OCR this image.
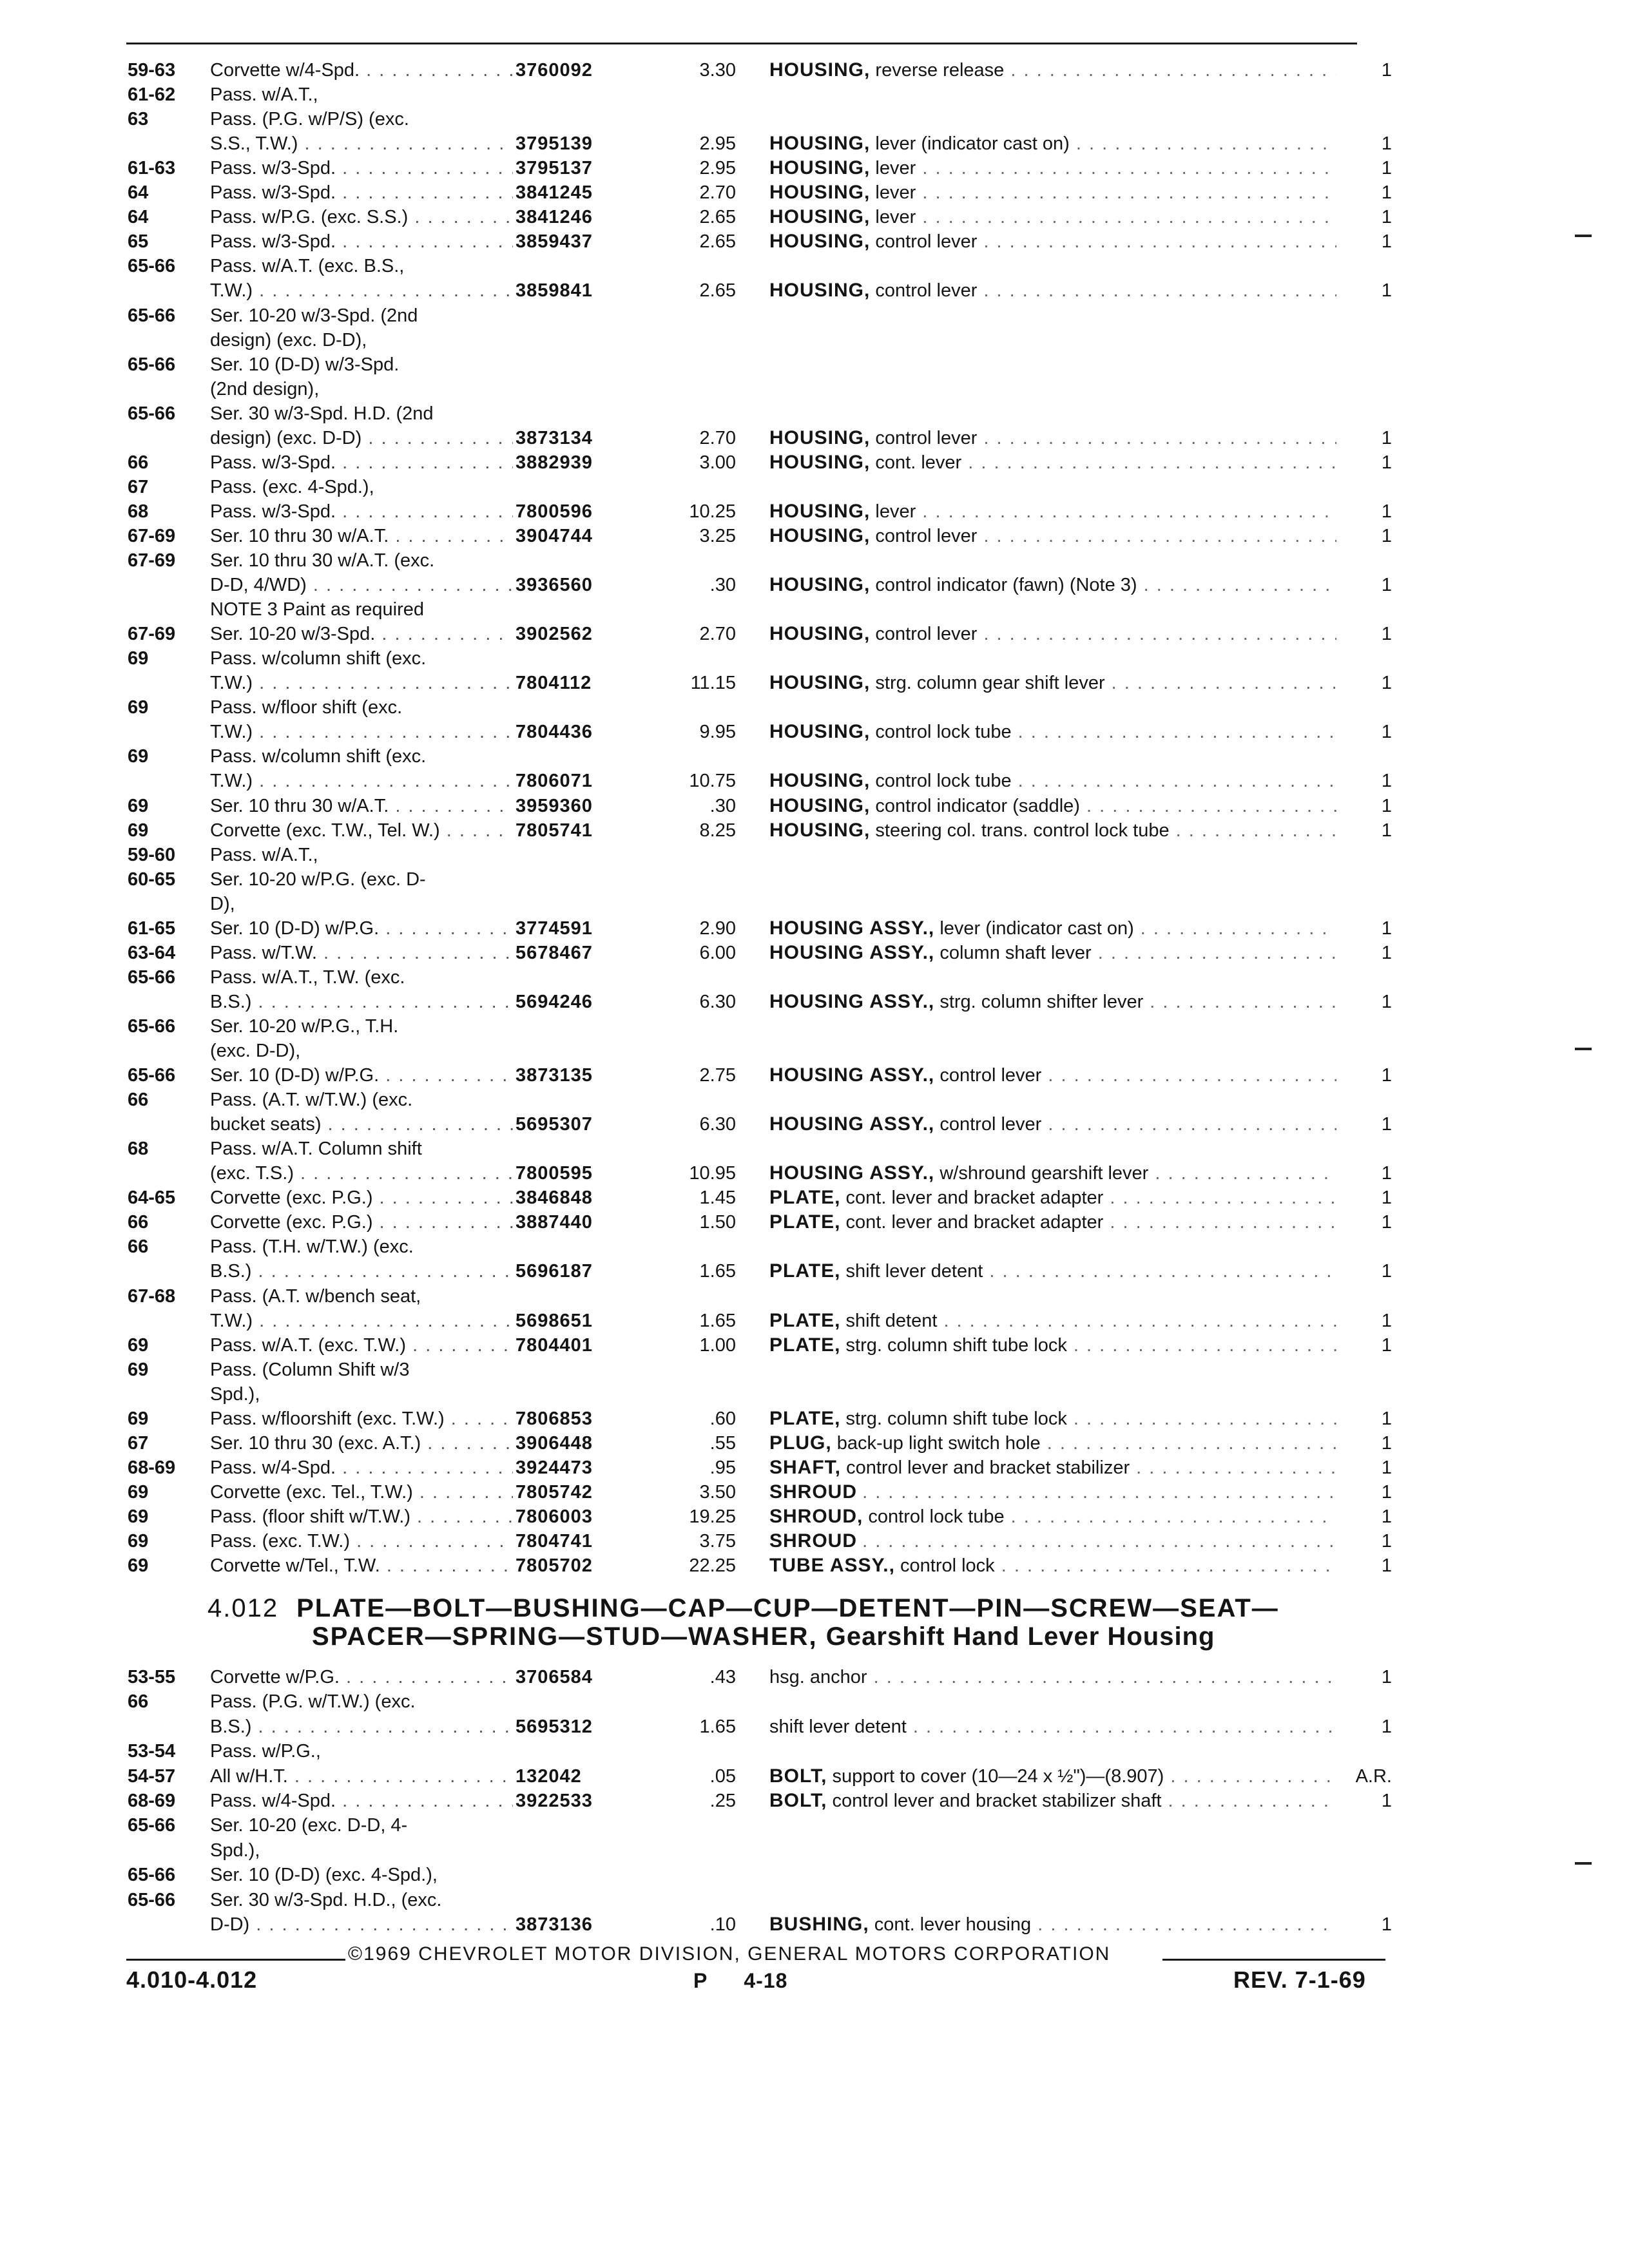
59-63 Corvette w/4-Spd. . . .	3760092	3.30 HOUSING, reverse release . . .	1
61-62 Pass. w/A.T.,
63	Pass. (P.G. w/P/S) (exc.
S.S., T.W.) . . .	3795139	2.95 HOUSING, lever (indicator cast on) . . .	1
61-63 Pass. w/3-Spd. . . .	3795137	2.95 HOUSING, lever . . .	1
64	Pass. w/3-Spd. . . .	3841245	2.70 HOUSING, lever . . .	1
64	Pass. w/P.G. (exc. S.S.) . . .	3841246	2.65 HOUSING, lever . . .	1
65	Pass. w/3-Spd. . . .	3859437	2.65 HOUSING, control lever . . .	1
65-66 Pass. w/A.T. (exc. B.S.,
T.W.) . . .	3859841	2.65 HOUSING, control lever . . .	1
65-66 Ser. 10-20 w/3-Spd. (2nd
design) (exc. D-D),
65-66 Ser. 10 (D-D) w/3-Spd.
(2nd design),
65-66 Ser. 30 w/3-Spd. H.D. (2nd
design) (exc. D-D) . . .	3873134	2.70 HOUSING, control lever . . .	1
66	Pass. w/3-Spd. . . .	3882939	3.00 HOUSING, cont. lever . . .	1
67	Pass. (exc. 4-Spd.),
68	Pass. w/3-Spd. . . .	7800596	10.25 HOUSING, lever . . .	1
67-69 Ser. 10 thru 30 w/A.T. . . .	3904744	3.25 HOUSING, control lever . . .	1
67-69 Ser. 10 thru 30 w/A.T. (exc.
D-D, 4/WD) . . .	3936560	.30 HOUSING, control indicator (fawn) (Note 3) . . .	1
NOTE 3 Paint as required
67-69 Ser. 10-20 w/3-Spd. . . .	3902562	2.70 HOUSING, control lever . . .	1
69	Pass. w/column shift (exc.
T.W.) . . .	7804112	11.15 HOUSING, strg. column gear shift lever . . .	1
69	Pass. w/floor shift (exc.
T.W.) . . .	7804436	9.95 HOUSING, control lock tube . . .	1
69	Pass. w/column shift (exc.
T.W.) . . .	7806071	10.75 HOUSING, control lock tube . . .	1
69	Ser. 10 thru 30 w/A.T. . . .	3959360	.30 HOUSING, control indicator (saddle) . . .	1
69	Corvette (exc. T.W., Tel. W.) . . .	7805741	8.25 HOUSING, steering col. trans. control lock tube . . .	1
59-60 Pass. w/A.T.,
60-65 Ser. 10-20 w/P.G. (exc. D-
D),
61-65 Ser. 10 (D-D) w/P.G. . . .	3774591	2.90 HOUSING ASSY., lever (indicator cast on) . . .	1
63-64 Pass. w/T.W. . . .	5678467	6.00 HOUSING ASSY., column shaft lever . . .	1
65-66 Pass. w/A.T., T.W. (exc.
B.S.) . . .	5694246	6.30 HOUSING ASSY., strg. column shifter lever . . .	1
65-66 Ser. 10-20 w/P.G., T.H.
(exc. D-D),
65-66 Ser. 10 (D-D) w/P.G. . . .	3873135	2.75 HOUSING ASSY., control lever . . .	1
66	Pass. (A.T. w/T.W.) (exc.
bucket seats) . . .	5695307	6.30 HOUSING ASSY., control lever . . .	1
68	Pass. w/A.T. Column shift
(exc. T.S.) . . .	7800595	10.95 HOUSING ASSY., w/shround gearshift lever . . .	1
64-65 Corvette (exc. P.G.) . . .	3846848	1.45 PLATE, cont. lever and bracket adapter . . .	1
66	Corvette (exc. P.G.) . . .	3887440	1.50 PLATE, cont. lever and bracket adapter . . .	1
66	Pass. (T.H. w/T.W.) (exc.
B.S.) . . .	5696187	1.65 PLATE, shift lever detent . . .	1
67-68 Pass. (A.T. w/bench seat,
T.W.) . . .	5698651	1.65 PLATE, shift detent . . .	1
69	Pass. w/A.T. (exc. T.W.) . . .	7804401	1.00 PLATE, strg. column shift tube lock . . .	1
69	Pass. (Column Shift w/3
Spd.),
69	Pass. w/floorshift (exc. T.W.) . . .	7806853	.60 PLATE, strg. column shift tube lock . . .	1
67	Ser. 10 thru 30 (exc. A.T.) . . .	3906448	.55 PLUG, back-up light switch hole . . .	1
68-69 Pass. w/4-Spd. . . .	3924473	.95 SHAFT, control lever and bracket stabilizer . . .	1
69	Corvette (exc. Tel., T.W.) . . .	7805742	3.50 SHROUD . . .	1
69	Pass. (floor shift w/T.W.) . . .	7806003	19.25 SHROUD, control lock tube . . .	1
69	Pass. (exc. T.W.) . . .	7804741	3.75 SHROUD . . .	1
69	Corvette w/Tel., T.W. . . .	7805702	22.25 TUBE ASSY., control lock . . .	1
53-55 Corvette w/P.G. . . .	3706584	.43 hsg. anchor . . .	1
66	Pass. (P.G. w/T.W.) (exc.
B.S.) . . .	5695312	1.65 shift lever detent . . .	1
53-54 Pass. w/P.G.,
54-57 All w/H.T. . . .	132042	.05 BOLT, support to cover (10—24 x ½")—(8.907) . . .	A.R.
68-69 Pass. w/4-Spd. . . .	3922533	.25 BOLT, control lever and bracket stabilizer shaft . . .	1
65-66 Ser. 10-20 (exc. D-D, 4-
Spd.),
65-66 Ser. 10 (D-D) (exc. 4-Spd.),
65-66 Ser. 30 w/3-Spd. H.D., (exc.
D-D) . . .	3873136	.10 BUSHING, cont. lever housing . . .	1
4.012 PLATE—BOLT—BUSHING—CAP—CUP—DETENT—PIN—SCREW—SEAT—
SPACER—SPRING—STUD—WASHER, Gearshift Hand Lever Housing
©1969 CHEVROLET MOTOR DIVISION, GENERAL MOTORS CORPORATION
4.010-4.012	P 4-18	REV. 7-1-69
